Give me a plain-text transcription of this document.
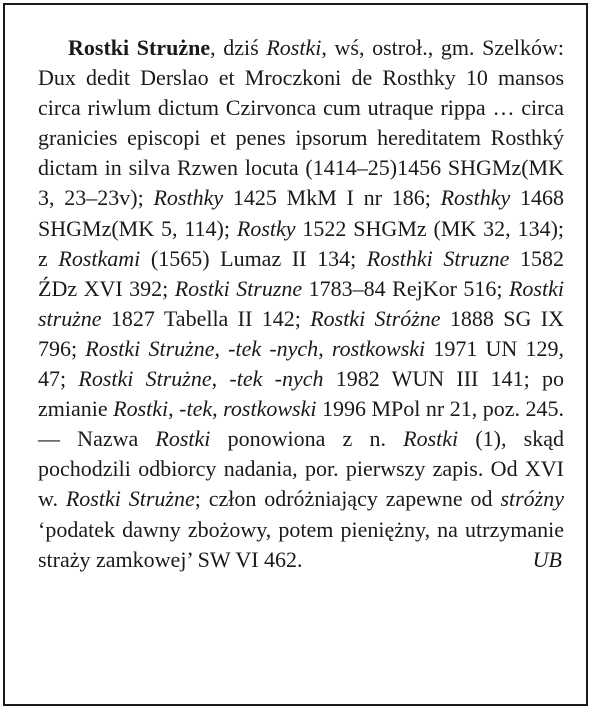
Rostki Strużne, dziś Rostki, wś, ostroł., gm. Szelków: Dux dedit Derslao et Mroczkoni de Rosthky 10 mansos circa riwlum dictum Czirvonca cum utraque rippa … circa granicies episcopi et penes ipsorum hereditatem Rosthký dictam in silva Rzwen locuta (1414–25)1456 SHGMz(MK 3, 23–23v); Rosthky 1425 MkM I nr 186; Rosthky 1468 SHGMz(MK 5, 114); Rostky 1522 SHGMz (MK 32, 134); z Rostkami (1565) Lumaz II 134; Rosthki Struzne 1582 ŹDz XVI 392; Rostki Struzne 1783–84 RejKor 516; Rostki strużne 1827 Tabella II 142; Rostki Stróżne 1888 SG IX 796; Rostki Strużne, -tek -nych, rostkowski 1971 UN 129, 47; Rostki Strużne, -tek -nych 1982 WUN III 141; po zmianie Rostki, -tek, rostkowski 1996 MPol nr 21, poz. 245. — Nazwa Rostki ponowiona z n. Rostki (1), skąd pochodzili odbiorcy nadania, por. pierwszy zapis. Od XVI w. Rostki Strużne; człon odróżniający zapewne od stróżny ‘podatek dawny zbożowy, potem pieniężny, na utrzymanie straży zamkowej’ SW VI 462.	UB
